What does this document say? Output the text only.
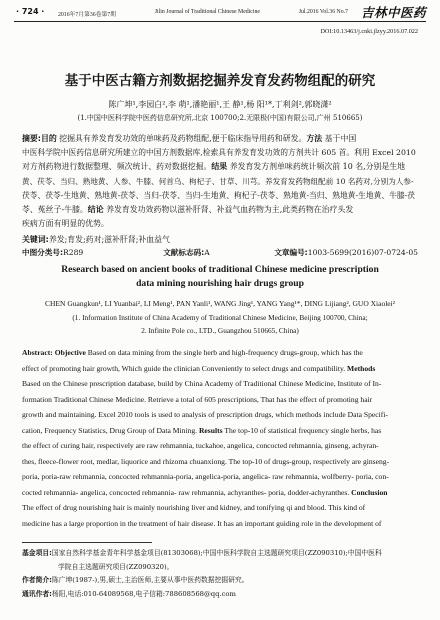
· 724 · 2016年7月第36卷第7期	Jilin Journal of Traditional Chinese Medicine	Jul.2016 Vol.36 No.7 吉林中医药
DOI:10.13463/j.cnki.jlzyy.2016.07.022
基于中医古籍方剂数据挖掘养发育发药物组配的研究
陈广坤¹,李园白²,李 萌¹,潘艳丽¹,王 静¹,杨 阳¹*,丁利剑²,郭晓潇²
(1.中国中医科学院中医药信息研究所,北京 100700;2.无限极(中国)有限公司,广州 510665)
摘要:目的 挖掘具有养发育发功效的单味药及药物组配,便于临床指导用药和研发。方法 基于中国
中医科学院中医药信息研究所建立的中国方剂数据库,检索具有养发育发功效的方剂共计 605 首。利用 Excel 2010
对方剂药物进行数据整理、频次统计、药对数据挖掘。结果 养发育发方剂单味药统计频次前 10 名,分别是生地
黄、茯苓、当归、熟地黄、人参、牛膝、何首乌、枸杞子、甘草、川芎。养发育发药物组配前 10 名药对,分别为人参-
茯苓、茯苓-生地黄、熟地黄-茯苓、当归-茯苓、当归-生地黄、枸杞子-茯苓、熟地黄-当归、熟地黄-生地黄、牛膝-茯
苓、菟丝子-牛膝。结论 养发育发功效药物以滋补肝肾、补益气血药物为主,此类药物在治疗头发
疾病方面有明显的优势。
关键词:养发;育发;药对;滋补肝肾;补血益气
中图分类号:R289	文献标志码:A	文章编号:1003-5699(2016)07-0724-05
Research based on ancient books of traditional Chinese medicine prescription
data mining nourishing hair drugs group
CHEN Guangkun¹, LI Yuanbai², LI Meng¹, PAN Yanli¹, WANG Jing¹, YANG Yang¹*, DING Lijiang², GUO Xiaolei²
(1. Information Institute of China Academy of Traditional Chinese Medicine, Beijing 100700, China;
2. Infinite Pole co., LTD., Guangzhou 510665, China)
Abstract: Objective Based on data mining from the single herb and high-frequency drugs-group, which has the
effect of promoting hair growth, Which guide the clinician Conveniently to select drugs and compatibility. Methods
Based on the Chinese prescription database, build by China Academy of Traditional Chinese Medicine, Institute of In-
formation Traditional Chinese Medicine. Retrieve a total of 605 prescriptions, That has the effect of promoting hair
growth and maintaining. Excel 2010 tools is used to analysis of prescription drugs, which methods include Data Specifi-
cation, Frequency Statistics, Drug Group of Data Mining. Results The top-10 of statistical frequency single herbs, has
the effect of curing hair, respectively are raw rehmannia, tuckahoe, angelica, concocted rehmannia, ginseng, achyran-
thes, fleece-flower root, medlar, liquorice and rhizoma chuanxiong. The top-10 of drugs-group, respectively are ginseng-
poria, poria-raw rehmannia, concocted rehmannia-poria, angelica-poria, angelica- raw rehmannia, wolfberry- poria, con-
cocted rehmannia- angelica, concocted rehmannia- raw rehmannia, achyranthes- poria, dodder-achyranthes. Conclusion
The effect of drug nourishing hair is mainly nourishing liver and kidney, and tonifying qi and blood. This kind of
medicine has a large proportion in the treatment of hair disease. It has an important guiding role in the development of
基金项目:国家自然科学基金青年科学基金项目(81303068);中国中医科学院自主选题研究项目(ZZ090310);中国中医科
学院自主选题研究项目(ZZ090320)。
作者简介:陈广坤(1987-),男,硕士,主治医师,主要从事中医药数据挖掘研究。
通讯作者:杨阳,电话:010-64089568,电子信箱:788608568@qq.com
